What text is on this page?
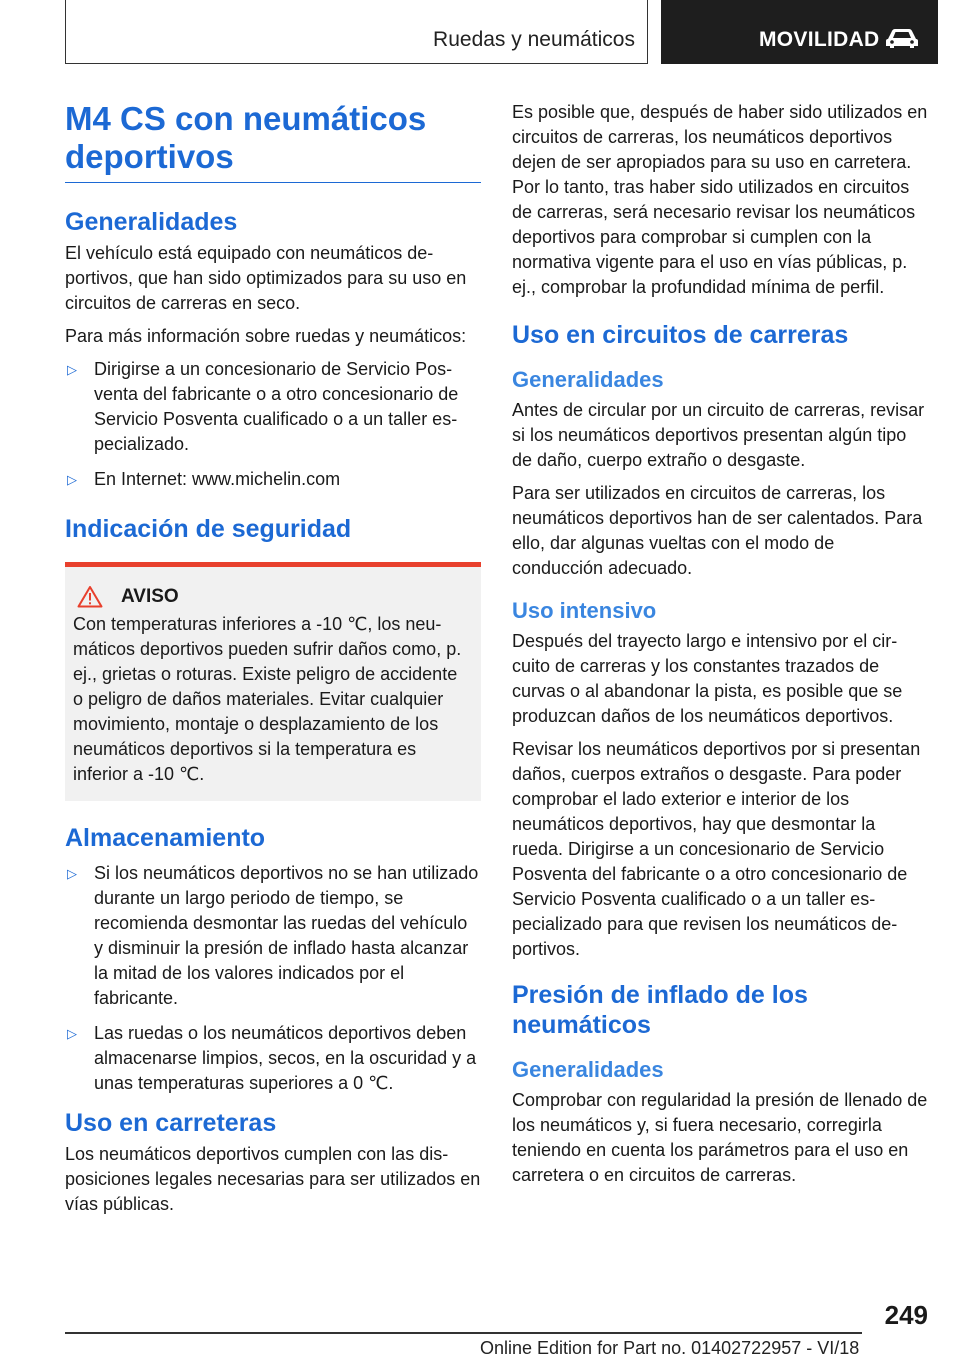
Ruedas y neumáticos	MOVILIDAD
M4 CS con neumáticos deportivos
Generalidades

El vehículo está equipado con neumáticos deportivos, que han sido optimizados para su uso en circuitos de carreras en seco.

Para más información sobre ruedas y neumáticos:

▷ Dirigirse a un concesionario de Servicio Posventa del fabricante o a otro concesionario de Servicio Posventa cualificado o a un taller especializado.
▷ En Internet: www.michelin.com
Indicación de seguridad
AVISO

Con temperaturas inferiores a ‑10 ℃, los neumáticos deportivos pueden sufrir daños como, p. ej., grietas o roturas. Existe peligro de accidente o peligro de daños materiales. Evitar cualquier movimiento, montaje o desplazamiento de los neumáticos deportivos si la temperatura es inferior a ‑10 ℃.

Almacenamiento
▷ Si los neumáticos deportivos no se han utilizado durante un largo periodo de tiempo, se recomienda desmontar las ruedas del vehículo y disminuir la presión de inflado hasta alcanzar la mitad de los valores indicados por el fabricante.
▷ Las ruedas o los neumáticos deportivos deben almacenarse limpios, secos, en la oscuridad y a unas temperaturas superiores a 0 ℃.
Uso en carreteras

Los neumáticos deportivos cumplen con las disposiciones legales necesarias para ser utilizados en vías públicas.

Es posible que, después de haber sido utilizados en circuitos de carreras, los neumáticos deportivos dejen de ser apropiados para su uso en carretera. Por lo tanto, tras haber sido utilizados en circuitos de carreras, será necesario revisar los neumáticos deportivos para comprobar si cumplen con la normativa vigente para el uso en vías públicas, p. ej., comprobar la profundidad mínima de perfil.

Uso en circuitos de carreras
Generalidades

Antes de circular por un circuito de carreras, revisar si los neumáticos deportivos presentan algún tipo de daño, cuerpo extraño o desgaste.

Para ser utilizados en circuitos de carreras, los neumáticos deportivos han de ser calentados. Para ello, dar algunas vueltas con el modo de conducción adecuado.

Uso intensivo

Después del trayecto largo e intensivo por el circuito de carreras y los constantes trazados de curvas o al abandonar la pista, es posible que se produzcan daños de los neumáticos deportivos.

Revisar los neumáticos deportivos por si presentan daños, cuerpos extraños o desgaste. Para poder comprobar el lado exterior e interior de los neumáticos deportivos, hay que desmontar la rueda. Dirigirse a un concesionario de Servicio Posventa del fabricante o a otro concesionario de Servicio Posventa cualificado o a un taller especializado para que revisen los neumáticos deportivos.

Presión de inflado de los neumáticos
Generalidades

Comprobar con regularidad la presión de llenado de los neumáticos y, si fuera necesario, corregirla teniendo en cuenta los parámetros para el uso en carretera o en circuitos de carreras.

249
Online Edition for Part no. 01402722957 - VI/18
